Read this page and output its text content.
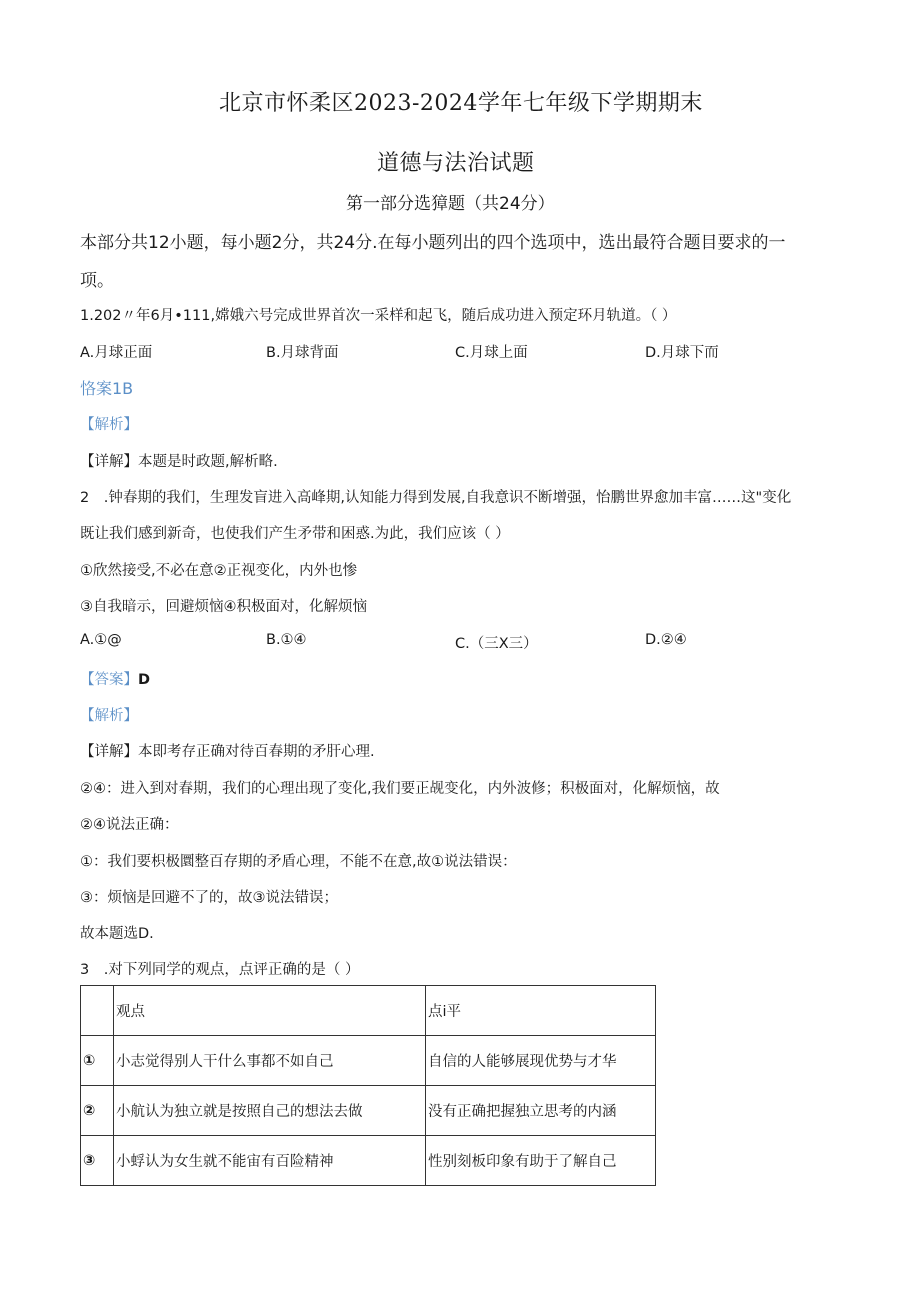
北京市怀柔区2023-2024学年七年级下学期期末
道德与法治试题
第一部分选獐题（共24分）
本部分共12小题，每小题2分，共24分.在每小题列出的四个选项中，选出最符合题目要求的一
项。
1.202〃年6月•111,嫦娥六号完成世界首次一采样和起飞，随后成功进入预定环月轨道。（ ）
A.月球正面	B.月球背面	C.月球上面	D.月球下而
恪案1B
【解析】
【详解】本题是时政题,解析略.
2　.钟春期的我们，生理发盲进入高峰期,认知能力得到发展,自我意识不断增强，怡鹏世界愈加丰富……这"变化
既让我们感到新奇，也使我们产生矛带和困惑.为此，我们应该（ ）
①欣然接受,不必在意②正视变化，内外也惨
③自我暗示，回避烦恼④积极面对，化解烦恼
A.①@	B.①④	C.（三X三）	D.②④
【答案】D
【解析】
【详解】本即考存正确对待百春期的矛肝心理.
②④：进入到对春期，我们的心理出现了变化,我们要正觇变化，内外波修；积极面对，化解烦恼，故
②④说法正确：
①：我们要枳极圜整百存期的矛盾心理，不能不在意,故①说法错误：
③：烦恼是回避不了的，故③说法错误；
故本题选D.
3　.对下列同学的观点，点评正确的是（ ）
	观点	点i平
①	小志觉得别人干什么事都不如自己	自信的人能够展现优势与才华
②	小航认为独立就是按照自己的想法去做	没有正确把握独立思考的内涵
③	小蜉认为女生就不能宙有百险精神	性别刻板印象有助于了解自己
